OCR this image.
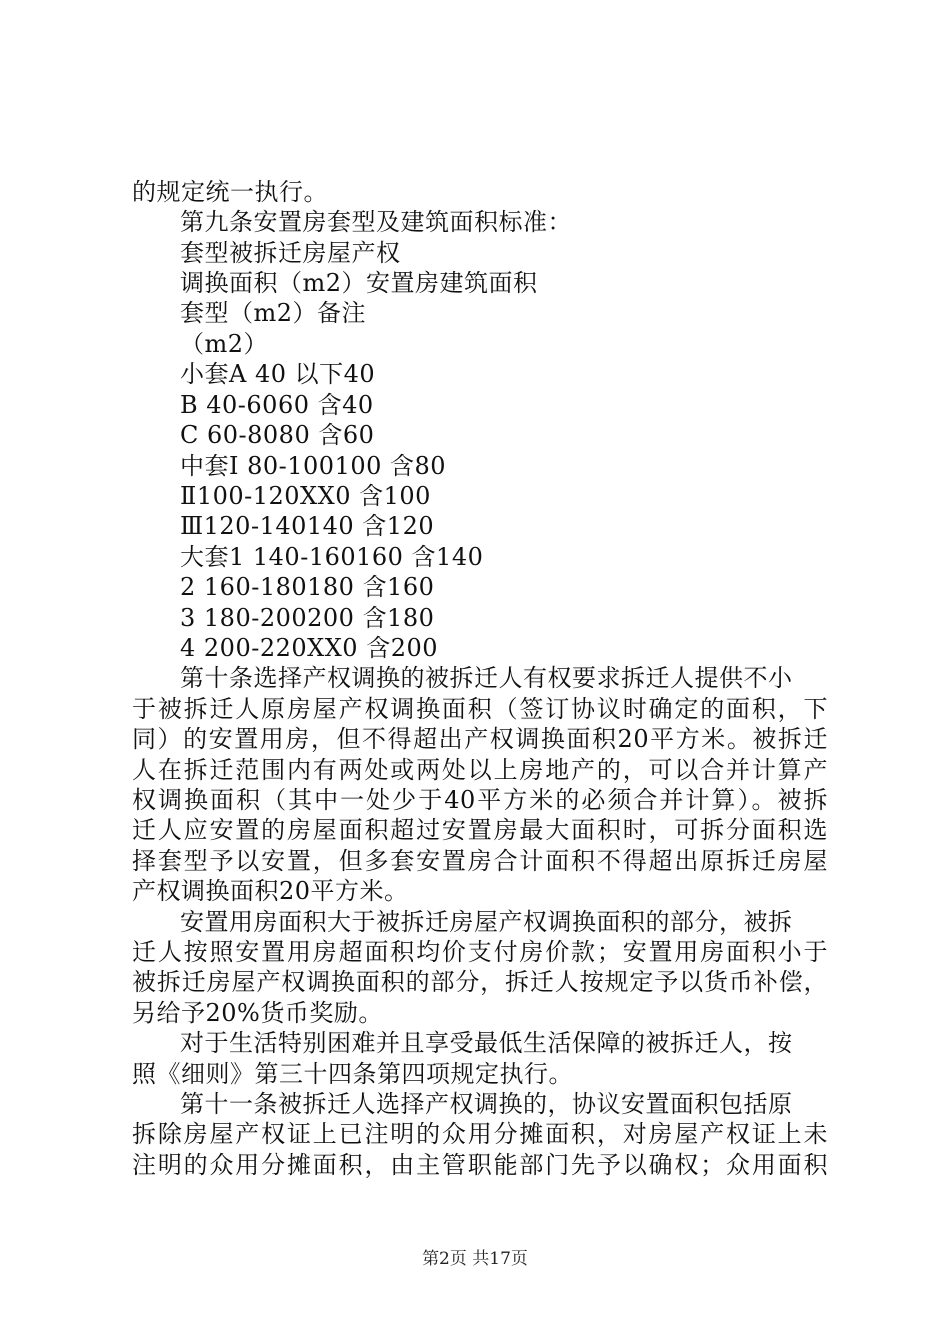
的规定统一执行。
第九条安置房套型及建筑面积标准：
套型被拆迁房屋产权
调换面积（m2）安置房建筑面积
套型（m2）备注
（m2）
小套A 40 以下40
B 40-6060 含40
C 60-8080 含60
中套Ⅰ 80-100100 含80
Ⅱ100-120XX0 含100
Ⅲ120-140140 含120
大套1 140-160160 含140
2 160-180180 含160
3 180-200200 含180
4 200-220XX0 含200
第十条选择产权调换的被拆迁人有权要求拆迁人提供不小
于被拆迁人原房屋产权调换面积（签订协议时确定的面积，下
同）的安置用房，但不得超出产权调换面积20平方米。被拆迁
人在拆迁范围内有两处或两处以上房地产的，可以合并计算产
权调换面积（其中一处少于40平方米的必须合并计算）。被拆
迁人应安置的房屋面积超过安置房最大面积时，可拆分面积选
择套型予以安置，但多套安置房合计面积不得超出原拆迁房屋
产权调换面积20平方米。
安置用房面积大于被拆迁房屋产权调换面积的部分，被拆
迁人按照安置用房超面积均价支付房价款；安置用房面积小于
被拆迁房屋产权调换面积的部分，拆迁人按规定予以货币补偿，
另给予20%货币奖励。
对于生活特别困难并且享受最低生活保障的被拆迁人，按
照《细则》第三十四条第四项规定执行。
第十一条被拆迁人选择产权调换的，协议安置面积包括原
拆除房屋产权证上已注明的众用分摊面积，对房屋产权证上未
注明的众用分摊面积，由主管职能部门先予以确权；众用面积
第2页 共17页
